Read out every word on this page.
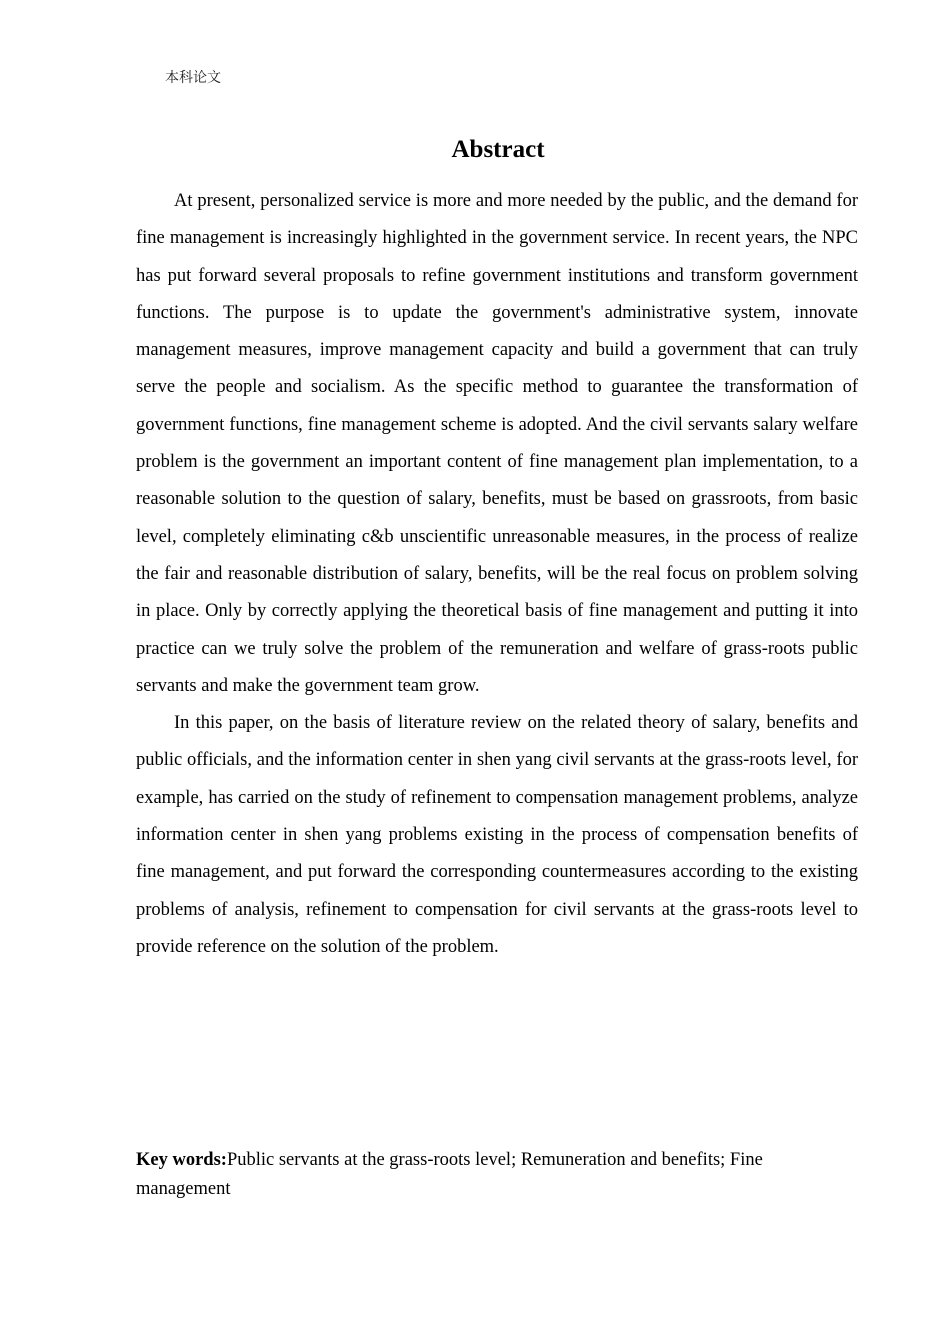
本科论文
Abstract

At present, personalized service is more and more needed by the public, and the demand for fine management is increasingly highlighted in the government service. In recent years, the NPC has put forward several proposals to refine government institutions and transform government functions. The purpose is to update the government's administrative system, innovate management measures, improve management capacity and build a government that can truly serve the people and socialism. As the specific method to guarantee the transformation of government functions, fine management scheme is adopted. And the civil servants salary welfare problem is the government an important content of fine management plan implementation, to a reasonable solution to the question of salary, benefits, must be based on grassroots, from basic level, completely eliminating c&b unscientific unreasonable measures, in the process of realize the fair and reasonable distribution of salary, benefits, will be the real focus on problem solving in place. Only by correctly applying the theoretical basis of fine management and putting it into practice can we truly solve the problem of the remuneration and welfare of grass-roots public servants and make the government team grow.

In this paper, on the basis of literature review on the related theory of salary, benefits and public officials, and the information center in shen yang civil servants at the grass-roots level, for example, has carried on the study of refinement to compensation management problems, analyze information center in shen yang problems existing in the process of compensation benefits of fine management, and put forward the corresponding countermeasures according to the existing problems of analysis, refinement to compensation for civil servants at the grass-roots level to provide reference on the solution of the problem.

Key words:Public servants at the grass-roots level; Remuneration and benefits; Fine management
